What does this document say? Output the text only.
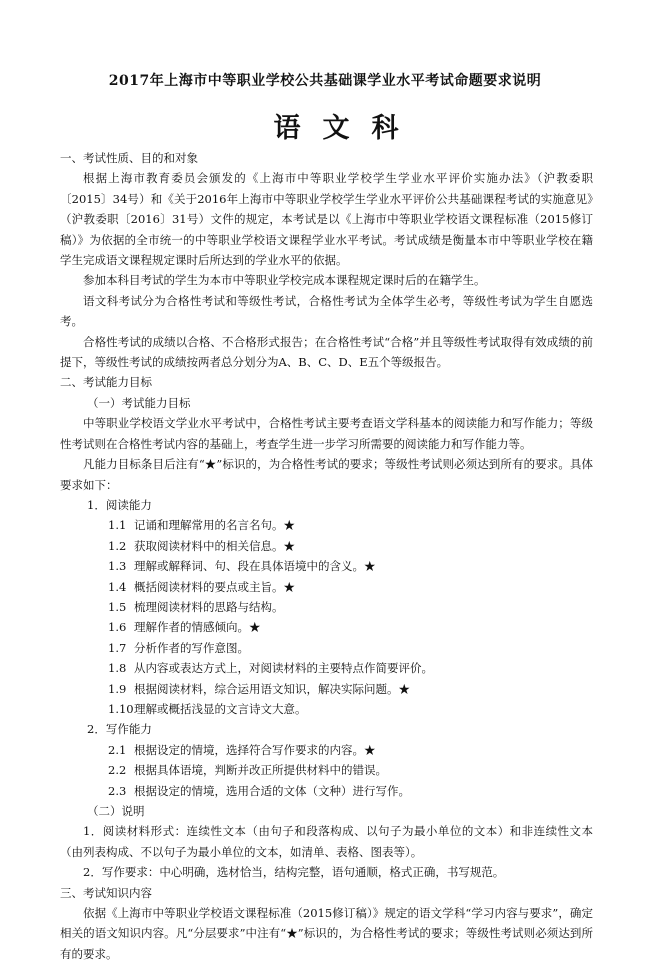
2017年上海市中等职业学校公共基础课学业水平考试命题要求说明
语文科

一、考试性质、目的和对象

根据上海市教育委员会颁发的《上海市中等职业学校学生学业水平评价实施办法》（沪教委职〔2015〕34号）和《关于2016年上海市中等职业学校学生学业水平评价公共基础课程考试的实施意见》（沪教委职〔2016〕31号）文件的规定，本考试是以《上海市中等职业学校语文课程标准（2015修订稿）》为依据的全市统一的中等职业学校语文课程学业水平考试。考试成绩是衡量本市中等职业学校在籍学生完成语文课程规定课时后所达到的学业水平的依据。

参加本科目考试的学生为本市中等职业学校完成本课程规定课时后的在籍学生。

语文科考试分为合格性考试和等级性考试，合格性考试为全体学生必考，等级性考试为学生自愿选考。

合格性考试的成绩以合格、不合格形式报告；在合格性考试“合格”并且等级性考试取得有效成绩的前提下，等级性考试的成绩按两者总分划分为A、B、C、D、E五个等级报告。

二、考试能力目标

（一）考试能力目标

中等职业学校语文学业水平考试中，合格性考试主要考查语文学科基本的阅读能力和写作能力；等级性考试则在合格性考试内容的基础上，考查学生进一步学习所需要的阅读能力和写作能力等。

凡能力目标条目后注有“★”标识的，为合格性考试的要求；等级性考试则必须达到所有的要求。具体要求如下：

1．阅读能力

1.1 记诵和理解常用的名言名句。★

1.2 获取阅读材料中的相关信息。★

1.3 理解或解释词、句、段在具体语境中的含义。★

1.4 概括阅读材料的要点或主旨。★

1.5 梳理阅读材料的思路与结构。

1.6 理解作者的情感倾向。★

1.7 分析作者的写作意图。

1.8 从内容或表达方式上，对阅读材料的主要特点作简要评价。

1.9 根据阅读材料，综合运用语文知识，解决实际问题。★

1.10 理解或概括浅显的文言诗文大意。

2．写作能力

2.1 根据设定的情境，选择符合写作要求的内容。★

2.2 根据具体语境，判断并改正所提供材料中的错误。

2.3 根据设定的情境，选用合适的文体（文种）进行写作。

（二）说明

1．阅读材料形式：连续性文本（由句子和段落构成、以句子为最小单位的文本）和非连续性文本（由列表构成、不以句子为最小单位的文本，如清单、表格、图表等）。

2．写作要求：中心明确，选材恰当，结构完整，语句通顺，格式正确，书写规范。

三、考试知识内容

依据《上海市中等职业学校语文课程标准（2015修订稿）》规定的语文学科“学习内容与要求”，确定相关的语文知识内容。凡“分层要求”中注有“★”标识的，为合格性考试的要求；等级性考试则必须达到所有的要求。
